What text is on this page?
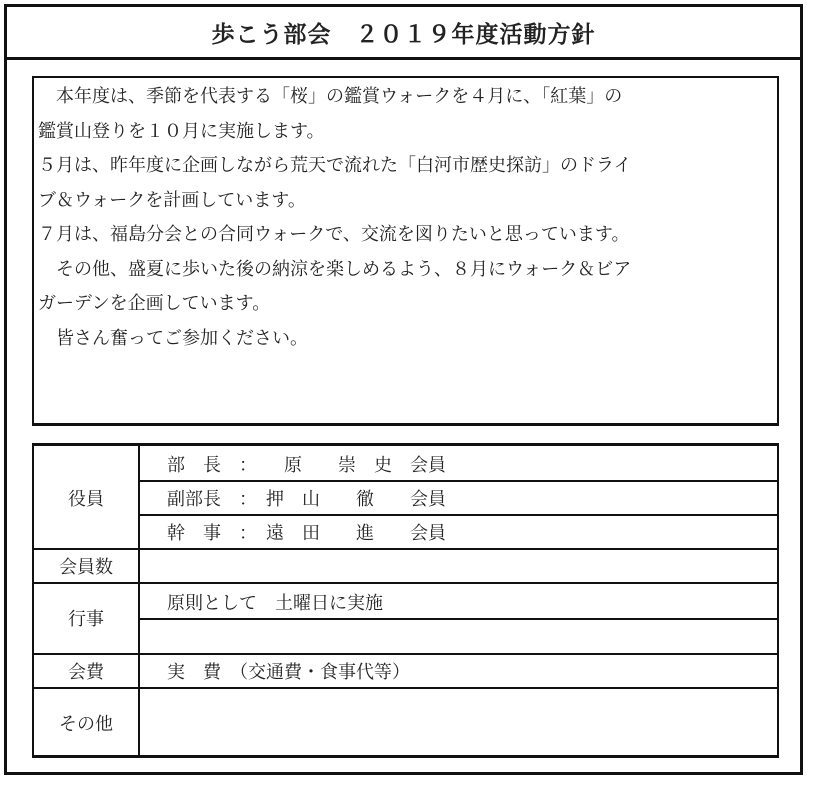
歩こう部会　２０１９年度活動方針

　本年度は、季節を代表する「桜」の鑑賞ウォークを４月に、「紅葉」の

鑑賞山登りを１０月に実施します。

５月は、昨年度に企画しながら荒天で流れた「白河市歴史探訪」のドライ

ブ＆ウォークを計画しています。

７月は、福島分会との合同ウォークで、交流を図りたいと思っています。

　その他、盛夏に歩いた後の納涼を楽しめるよう、８月にウォーク＆ビア

ガーデンを企画しています。

　皆さん奮ってご参加ください。

役員
会員数
行事
会費
その他
部　長　：　　原　　崇　史　会員
副部長　：　押　山　　徹　　会員
幹　事　：　遠　田　　進　　会員
原則として　土曜日に実施
実　費　（交通費・食事代等）
